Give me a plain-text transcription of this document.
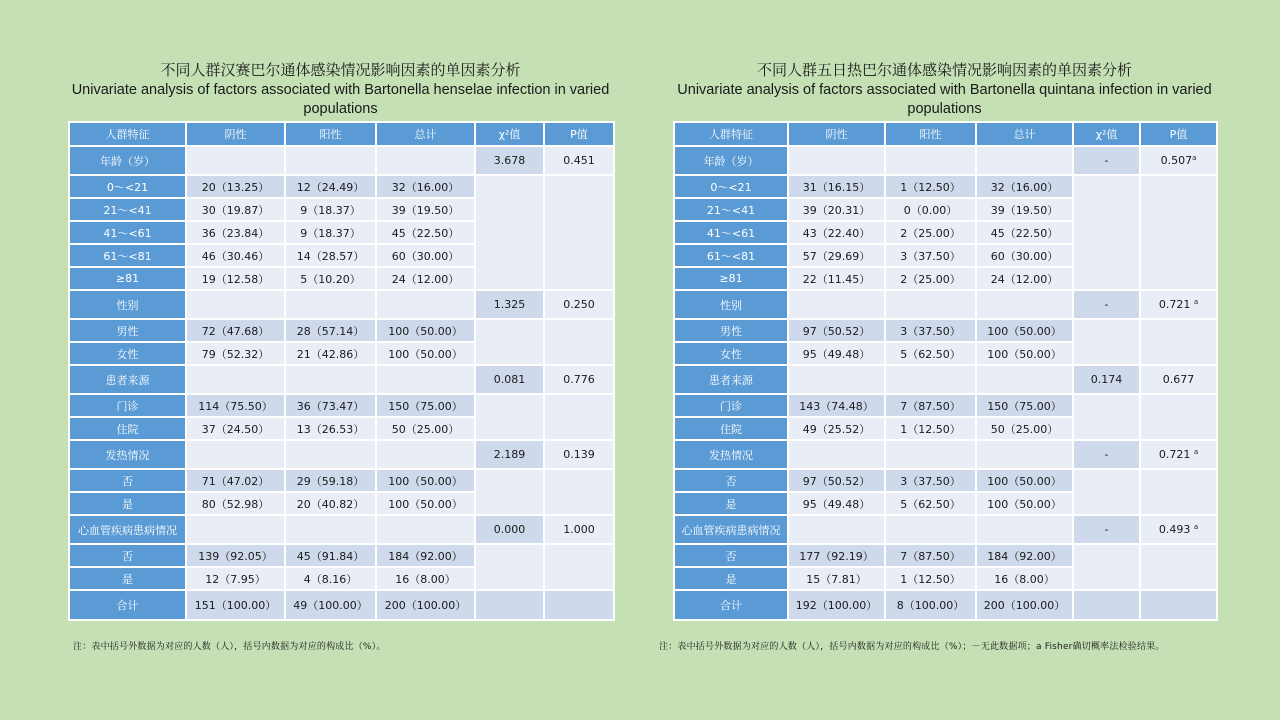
不同人群汉赛巴尔通体感染情况影响因素的单因素分析
Univariate analysis of factors associated with Bartonella henselae infection in varied populations
人群特征	阴性	阳性	总计	χ²值	P值
年龄（岁）				3.678	0.451
0～<21	20（13.25）	12（24.49）	32（16.00）		
21～<41	30（19.87）	9（18.37）	39（19.50）		
41～<61	36（23.84）	9（18.37）	45（22.50）		
61～<81	46（30.46）	14（28.57）	60（30.00）		
≥81	19（12.58）	5（10.20）	24（12.00）		
性别				1.325	0.250
男性	72（47.68）	28（57.14）	100（50.00）		
女性	79（52.32）	21（42.86）	100（50.00）		
患者来源				0.081	0.776
门诊	114（75.50）	36（73.47）	150（75.00）		
住院	37（24.50）	13（26.53）	50（25.00）		
发热情况				2.189	0.139
否	71（47.02）	29（59.18）	100（50.00）		
是	80（52.98）	20（40.82）	100（50.00）		
心血管疾病患病情况				0.000	1.000
否	139（92.05）	45（91.84）	184（92.00）		
是	12（7.95）	4（8.16）	16（8.00）		
合计	151（100.00）	49（100.00）	200（100.00）		
不同人群五日热巴尔通体感染情况影响因素的单因素分析
Univariate analysis of factors associated with Bartonella quintana infection in varied populations
人群特征	阴性	阳性	总计	χ²值	P值
年龄（岁）				-	0.507$^a$
0～<21	31（16.15）	1（12.50）	32（16.00）		
21～<41	39（20.31）	0（0.00）	39（19.50）		
41～<61	43（22.40）	2（25.00）	45（22.50）		
61～<81	57（29.69）	3（37.50）	60（30.00）		
≥81	22（11.45）	2（25.00）	24（12.00）		
性别				-	0.721 $^a$
男性	97（50.52）	3（37.50）	100（50.00）		
女性	95（49.48）	5（62.50）	100（50.00）		
患者来源				0.174	0.677
门诊	143（74.48）	7（87.50）	150（75.00）		
住院	49（25.52）	1（12.50）	50（25.00）		
发热情况				-	0.721 $^a$
否	97（50.52）	3（37.50）	100（50.00）		
是	95（49.48）	5（62.50）	100（50.00）		
心血管疾病患病情况				-	0.493 $^a$
否	177（92.19）	7（87.50）	184（92.00）		
是	15（7.81）	1（12.50）	16（8.00）		
合计	192（100.00）	8（100.00）	200（100.00）		
注：表中括号外数据为对应的人数（人），括号内数据为对应的构成比（%）。	注：表中括号外数据为对应的人数（人），括号内数据为对应的构成比（%）；－无此数据项；a Fisher确切概率法检验结果。
